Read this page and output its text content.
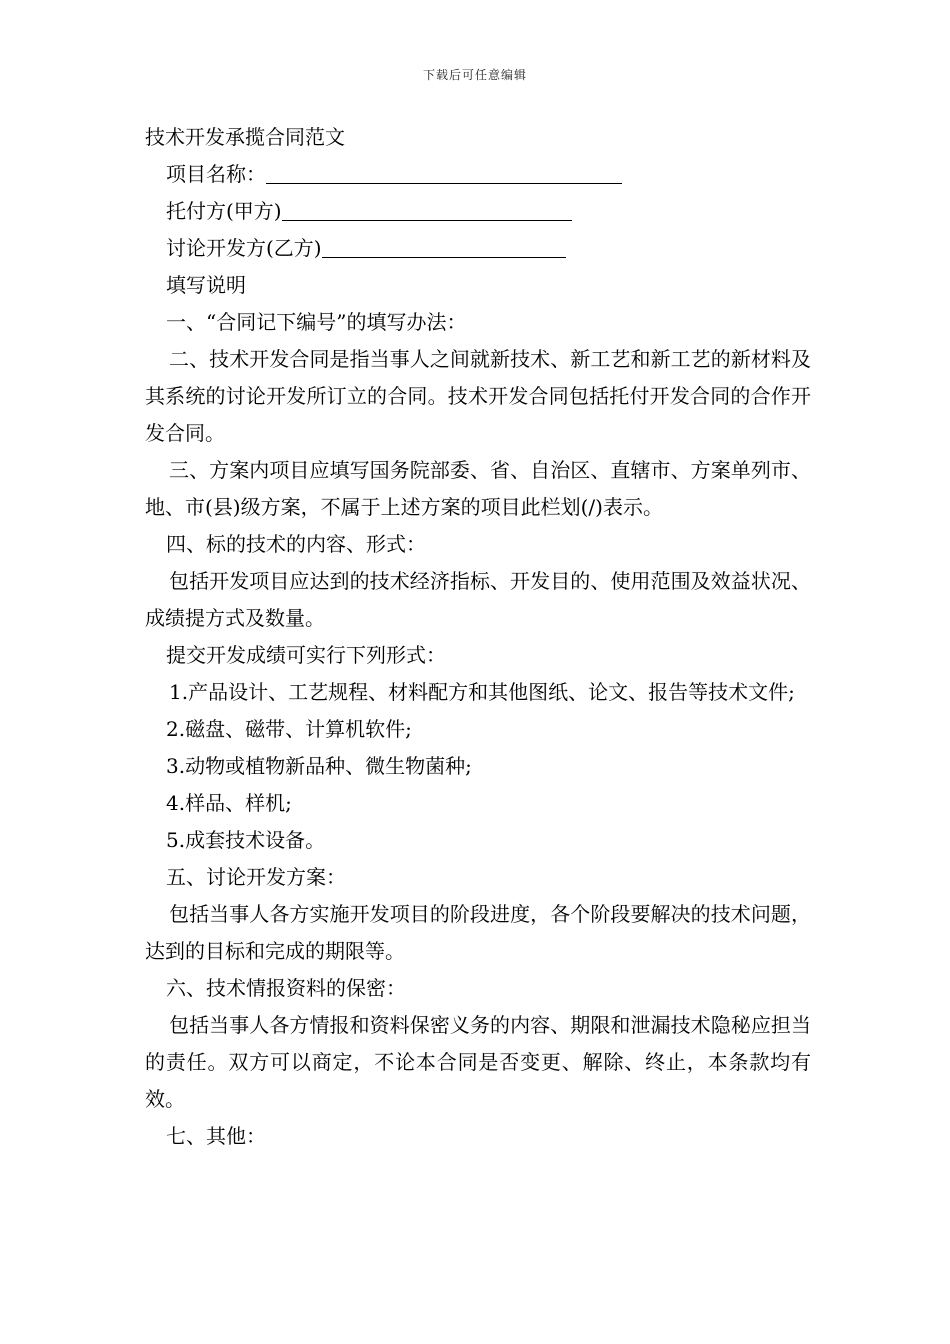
下载后可任意编辑

技术开发承揽合同范文

项目名称：

托付方(甲方)

讨论开发方(乙方)

填写说明

一、“合同记下编号”的填写办法：

二、技术开发合同是指当事人之间就新技术、新工艺和新工艺的新材料及其系统的讨论开发所订立的合同。技术开发合同包括托付开发合同的合作开发合同。

三、方案内项目应填写国务院部委、省、自治区、直辖市、方案单列市、地、市(县)级方案，不属于上述方案的项目此栏划(/)表示。

四、标的技术的内容、形式：

包括开发项目应达到的技术经济指标、开发目的、使用范围及效益状况、成绩提方式及数量。

提交开发成绩可实行下列形式：

1.产品设计、工艺规程、材料配方和其他图纸、论文、报告等技术文件;

2.磁盘、磁带、计算机软件;

3.动物或植物新品种、微生物菌种;

4.样品、样机;

5.成套技术设备。

五、讨论开发方案：

包括当事人各方实施开发项目的阶段进度，各个阶段要解决的技术问题，达到的目标和完成的期限等。

六、技术情报资料的保密：

包括当事人各方情报和资料保密义务的内容、期限和泄漏技术隐秘应担当的责任。双方可以商定，不论本合同是否变更、解除、终止，本条款均有效。

七、其他：
